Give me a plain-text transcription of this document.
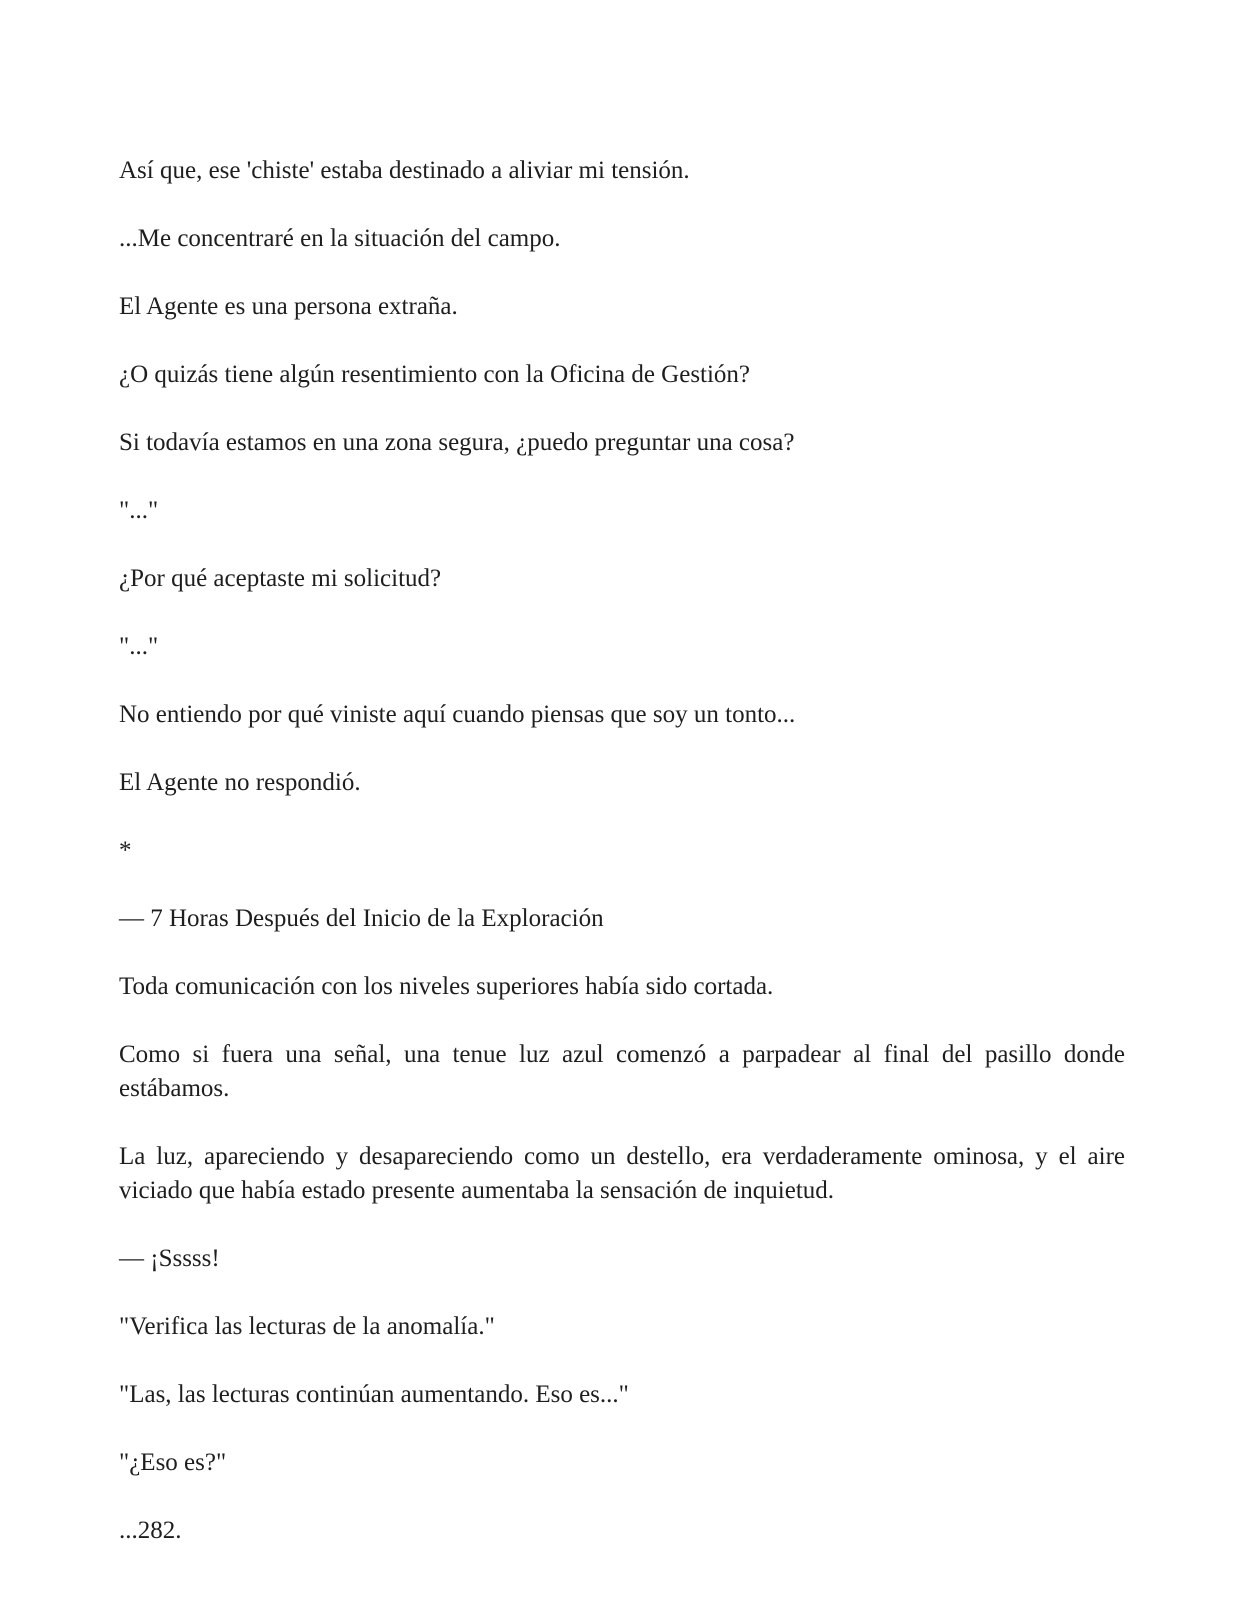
Así que, ese 'chiste' estaba destinado a aliviar mi tensión.

...Me concentraré en la situación del campo.

El Agente es una persona extraña.

¿O quizás tiene algún resentimiento con la Oficina de Gestión?

Si todavía estamos en una zona segura, ¿puedo preguntar una cosa?

"..."

¿Por qué aceptaste mi solicitud?

"..."

No entiendo por qué viniste aquí cuando piensas que soy un tonto...

El Agente no respondió.

*

— 7 Horas Después del Inicio de la Exploración

Toda comunicación con los niveles superiores había sido cortada.

Como si fuera una señal, una tenue luz azul comenzó a parpadear al final del pasillo donde estábamos.

La luz, apareciendo y desapareciendo como un destello, era verdaderamente ominosa, y el aire viciado que había estado presente aumentaba la sensación de inquietud.

— ¡Sssss!

"Verifica las lecturas de la anomalía."

"Las, las lecturas continúan aumentando. Eso es..."

"¿Eso es?"

...282.
